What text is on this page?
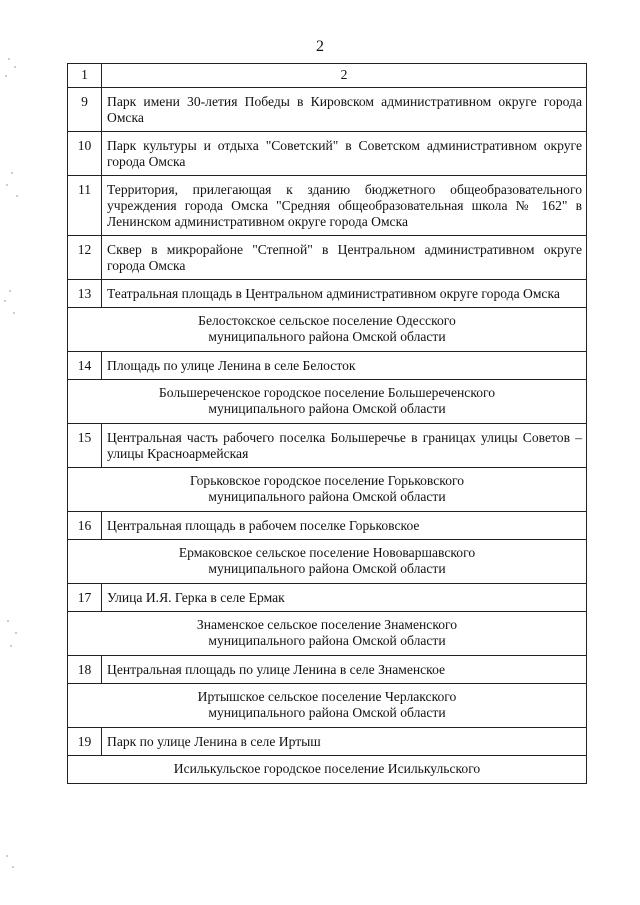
2
1	2
9	Парк имени 30-летия Победы в Кировском административном округе города Омска
10	Парк культуры и отдыха "Советский" в Советском административном округе города Омска
11	Территория, прилегающая к зданию бюджетного общеобразовательного учреждения города Омска "Средняя общеобразовательная школа № 162" в Ленинском административном округе города Омска
12	Сквер в микрорайоне "Степной" в Центральном административном округе города Омска
13	Театральная площадь в Центральном административном округе города Омска

Белостокское сельское поселение Одесского
муниципального района Омской области	

14	Площадь по улице Ленина в селе Белосток

Большереченское городское поселение Большереченского
муниципального района Омской области	

15	Центральная часть рабочего поселка Большеречье в границах улицы Советов – улицы Красноармейская

Горьковское городское поселение Горьковского
муниципального района Омской области	

16	Центральная площадь в рабочем поселке Горьковское

Ермаковское сельское поселение Нововаршавского
муниципального района Омской области	

17	Улица И.Я. Герка в селе Ермак

Знаменское сельское поселение Знаменского
муниципального района Омской области	

18	Центральная площадь по улице Ленина в селе Знаменское

Иртышское сельское поселение Черлакского
муниципального района Омской области	

19	Парк по улице Ленина в селе Иртыш

Исилькульское городское поселение Исилькульского	
